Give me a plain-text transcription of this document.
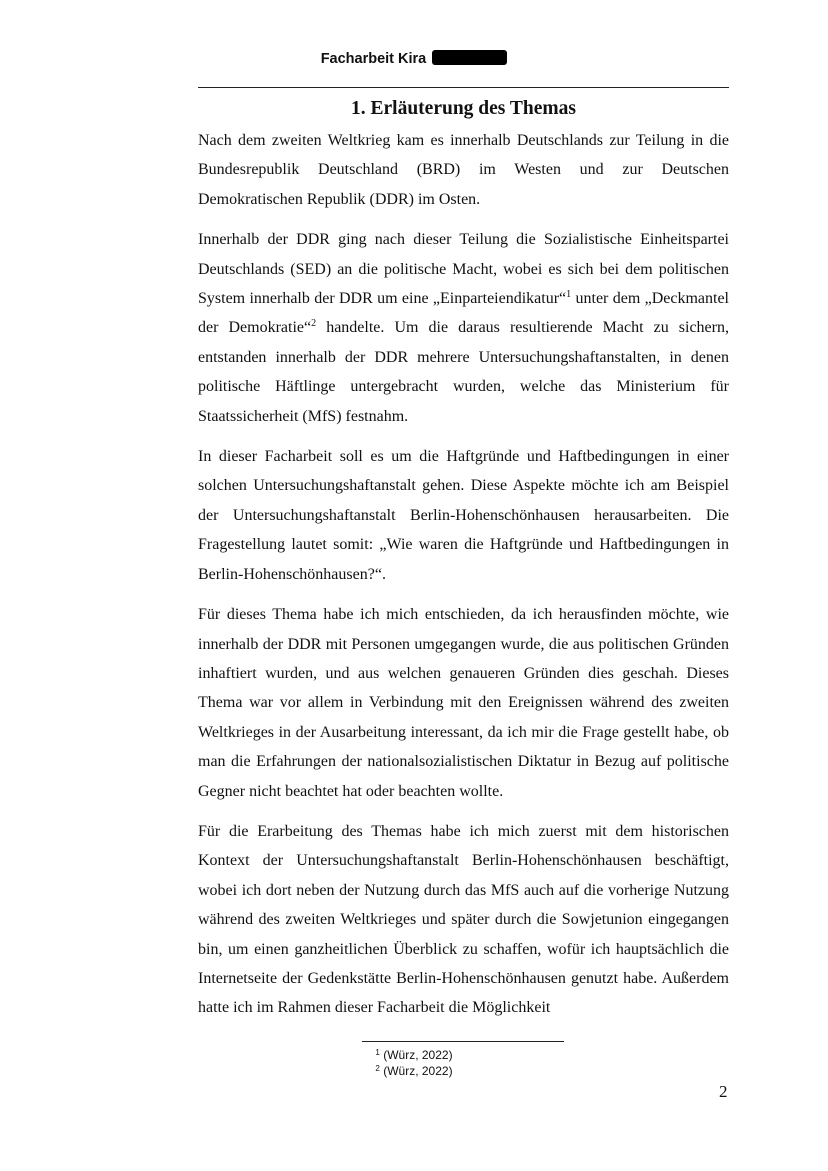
Facharbeit Kira
1. Erläuterung des Themas

Nach dem zweiten Weltkrieg kam es innerhalb Deutschlands zur Teilung in die Bundesrepublik Deutschland (BRD) im Westen und zur Deutschen Demokratischen Republik (DDR) im Osten.

Innerhalb der DDR ging nach dieser Teilung die Sozialistische Einheitspartei Deutschlands (SED) an die politische Macht, wobei es sich bei dem politischen System innerhalb der DDR um eine „Einparteiendikatur“$^1$ unter dem „Deckmantel der Demokratie“$^2$ handelte. Um die daraus resultierende Macht zu sichern, entstanden innerhalb der DDR mehrere Untersuchungshaftanstalten, in denen politische Häftlinge untergebracht wurden, welche das Ministerium für Staatssicherheit (MfS) festnahm.

In dieser Facharbeit soll es um die Haftgründe und Haftbedingungen in einer solchen Untersuchungshaftanstalt gehen. Diese Aspekte möchte ich am Beispiel der Untersuchungshaftanstalt Berlin-Hohenschönhausen herausarbeiten. Die Fragestellung lautet somit: „Wie waren die Haftgründe und Haftbedingungen in Berlin-Hohenschönhausen?“.

Für dieses Thema habe ich mich entschieden, da ich herausfinden möchte, wie innerhalb der DDR mit Personen umgegangen wurde, die aus politischen Gründen inhaftiert wurden, und aus welchen genaueren Gründen dies geschah. Dieses Thema war vor allem in Verbindung mit den Ereignissen während des zweiten Weltkrieges in der Ausarbeitung interessant, da ich mir die Frage gestellt habe, ob man die Erfahrungen der nationalsozialistischen Diktatur in Bezug auf politische Gegner nicht beachtet hat oder beachten wollte.

Für die Erarbeitung des Themas habe ich mich zuerst mit dem historischen Kontext der Untersuchungshaftanstalt Berlin-Hohenschönhausen beschäftigt, wobei ich dort neben der Nutzung durch das MfS auch auf die vorherige Nutzung während des zweiten Weltkrieges und später durch die Sowjetunion eingegangen bin, um einen ganzheitlichen Überblick zu schaffen, wofür ich hauptsächlich die Internetseite der Gedenkstätte Berlin-Hohenschönhausen genutzt habe. Außerdem hatte ich im Rahmen dieser Facharbeit die Möglichkeit

$^1$ (Würz, 2022)
$^2$ (Würz, 2022)
2
